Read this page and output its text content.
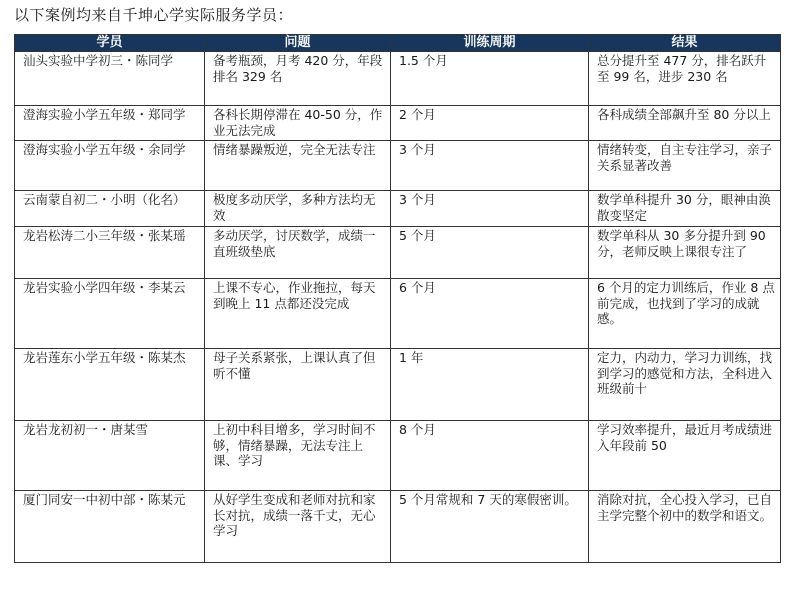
以下案例均来自千坤心学实际服务学员：
学员	问题	训练周期	结果
汕头实验中学初三・陈同学	备考瓶颈，月考 420 分，年段排名 329 名	1.5 个月	总分提升至 477 分，排名跃升至 99 名，进步 230 名
澄海实验小学五年级・郑同学	各科长期停滞在 40-50 分，作业无法完成	2 个月	各科成绩全部飙升至 80 分以上
澄海实验小学五年级・余同学	情绪暴躁叛逆，完全无法专注	3 个月	情绪转变，自主专注学习，亲子关系显著改善
云南蒙自初二・小明（化名）	极度多动厌学，多种方法均无效	3 个月	数学单科提升 30 分，眼神由涣散变坚定
龙岩松涛二小三年级・张某瑶	多动厌学，讨厌数学，成绩一直班级垫底	5 个月	数学单科从 30 多分提升到 90 分，老师反映上课很专注了
龙岩实验小学四年级・李某云	上课不专心，作业拖拉，每天到晚上 11 点都还没完成	6 个月	6 个月的定力训练后，作业 8 点前完成，也找到了学习的成就感。
龙岩莲东小学五年级・陈某杰	母子关系紧张，上课认真了但听不懂	1 年	定力，内动力，学习力训练，找到学习的感觉和方法，全科进入班级前十
龙岩龙初初一・唐某雪	上初中科目增多，学习时间不够，情绪暴躁，无法专注上课、学习	8 个月	学习效率提升，最近月考成绩进入年段前 50
厦门同安一中初中部・陈某元	从好学生变成和老师对抗和家长对抗，成绩一落千丈，无心学习	5 个月常规和 7 天的寒假密训。	消除对抗，全心投入学习，已自主学完整个初中的数学和语文。
